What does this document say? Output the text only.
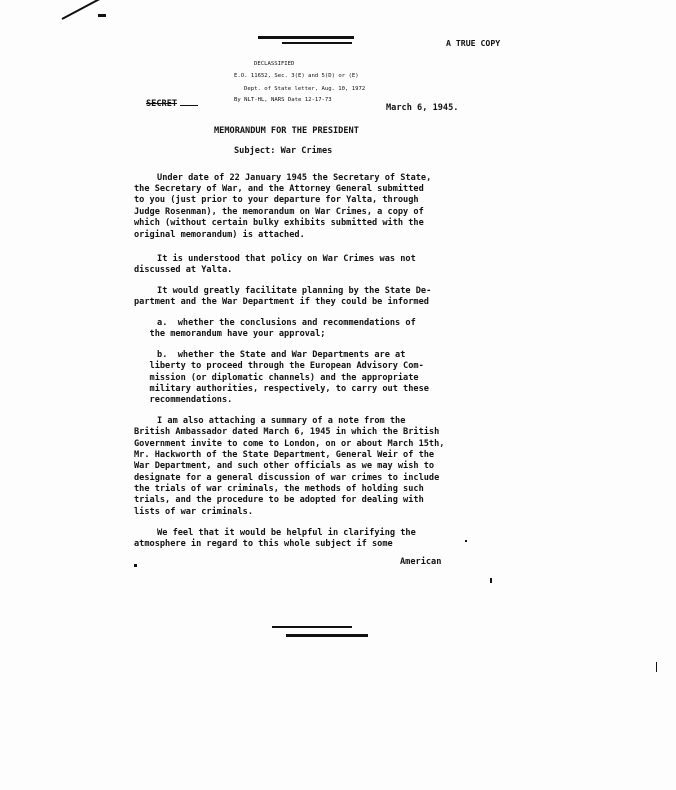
A TRUE COPY
DECLASSIFIED
E.O. 11652, Sec. 3(E) and 5(D) or (E)
Dept. of State letter, Aug. 10, 1972
By NLT-HL, NARS Date 12-17-73
SECRET	March 6, 1945.
MEMORANDUM FOR THE PRESIDENT
Subject: War Crimes
Under date of 22 January 1945 the Secretary of State,
the Secretary of War, and the Attorney General submitted
to you (just prior to your departure for Yalta, through
Judge Rosenman), the memorandum on War Crimes, a copy of
which (without certain bulky exhibits submitted with the
original memorandum) is attached.
It is understood that policy on War Crimes was not
discussed at Yalta.
It would greatly facilitate planning by the State De-
partment and the War Department if they could be informed
a.  whether the conclusions and recommendations of
the memorandum have your approval;
b.  whether the State and War Departments are at
liberty to proceed through the European Advisory Com-
mission (or diplomatic channels) and the appropriate
military authorities, respectively, to carry out these
recommendations.
I am also attaching a summary of a note from the
British Ambassador dated March 6, 1945 in which the British
Government invite to come to London, on or about March 15th,
Mr. Hackworth of the State Department, General Weir of the
War Department, and such other officials as we may wish to
designate for a general discussion of war crimes to include
the trials of war criminals, the methods of holding such
trials, and the procedure to be adopted for dealing with
lists of war criminals.
We feel that it would be helpful in clarifying the
atmosphere in regard to this whole subject if some
American
